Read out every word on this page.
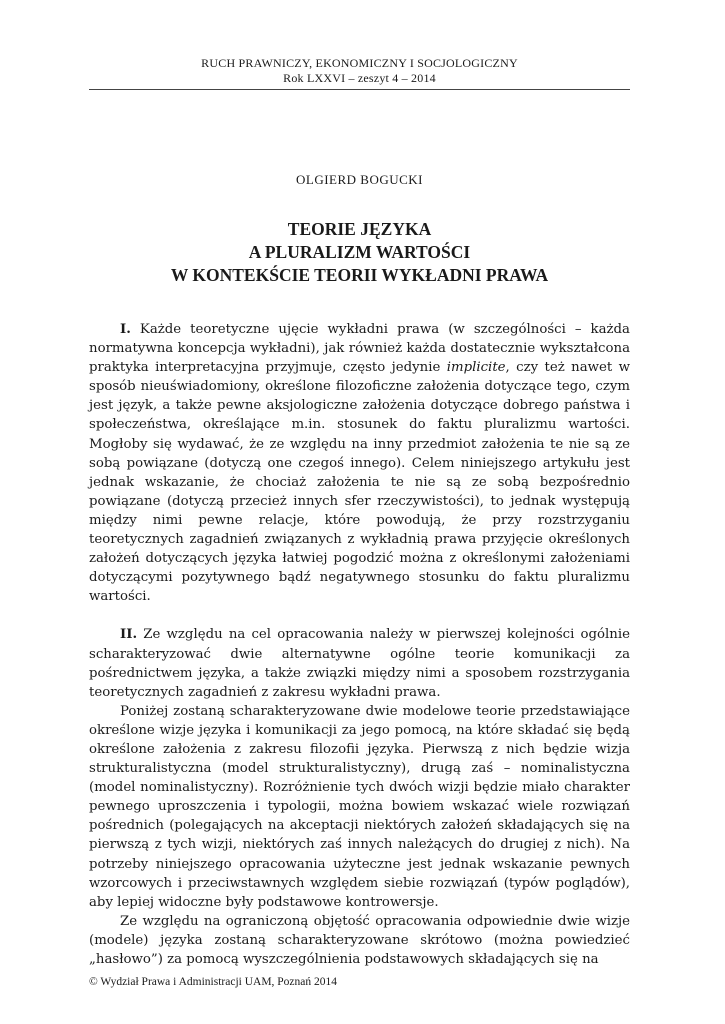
RUCH PRAWNICZY, EKONOMICZNY I SOCJOLOGICZNY
Rok LXXVI – zeszyt 4 – 2014
OLGIERD BOGUCKI
TEORIE JĘZYKA
A PLURALIZM WARTOŚCI
W KONTEKŚCIE TEORII WYKŁADNI PRAWA

I. Każde teoretyczne ujęcie wykładni prawa (w szczególności – każda normatywna koncepcja wykładni), jak również każda dostatecznie wykształcona praktyka interpretacyjna przyjmuje, często jedynie implicite, czy też nawet w sposób nieuświadomiony, określone filozoficzne założenia dotyczące tego, czym jest język, a także pewne aksjologiczne założenia dotyczące dobrego państwa i społeczeństwa, określające m.in. stosunek do faktu pluralizmu wartości. Mogłoby się wydawać, że ze względu na inny przedmiot założenia te nie są ze sobą powiązane (dotyczą one czegoś innego). Celem niniejszego artykułu jest jednak wskazanie, że chociaż założenia te nie są ze sobą bezpośrednio powiązane (dotyczą przecież innych sfer rzeczywistości), to jednak występują między nimi pewne relacje, które powodują, że przy rozstrzyganiu teoretycznych zagadnień związanych z wykładnią prawa przyjęcie określonych założeń dotyczących języka łatwiej pogodzić można z określonymi założeniami dotyczącymi pozytywnego bądź negatywnego stosunku do faktu pluralizmu wartości.

II. Ze względu na cel opracowania należy w pierwszej kolejności ogólnie scharakteryzować dwie alternatywne ogólne teorie komunikacji za pośrednictwem języka, a także związki między nimi a sposobem rozstrzygania teoretycznych zagadnień z zakresu wykładni prawa.

Poniżej zostaną scharakteryzowane dwie modelowe teorie przedstawiające określone wizje języka i komunikacji za jego pomocą, na które składać się będą określone założenia z zakresu filozofii języka. Pierwszą z nich będzie wizja strukturalistyczna (model strukturalistyczny), drugą zaś – nominalistyczna (model nominalistyczny). Rozróżnienie tych dwóch wizji będzie miało charakter pewnego uproszczenia i typologii, można bowiem wskazać wiele rozwiązań pośrednich (polegających na akceptacji niektórych założeń składających się na pierwszą z tych wizji, niektórych zaś innych należących do drugiej z nich). Na potrzeby niniejszego opracowania użyteczne jest jednak wskazanie pewnych wzorcowych i przeciwstawnych względem siebie rozwiązań (typów poglądów), aby lepiej widoczne były podstawowe kontrowersje.

Ze względu na ograniczoną objętość opracowania odpowiednie dwie wizje (modele) języka zostaną scharakteryzowane skrótowo (można powiedzieć „hasłowo”) za pomocą wyszczególnienia podstawowych składających się na

© Wydział Prawa i Administracji UAM, Poznań 2014
